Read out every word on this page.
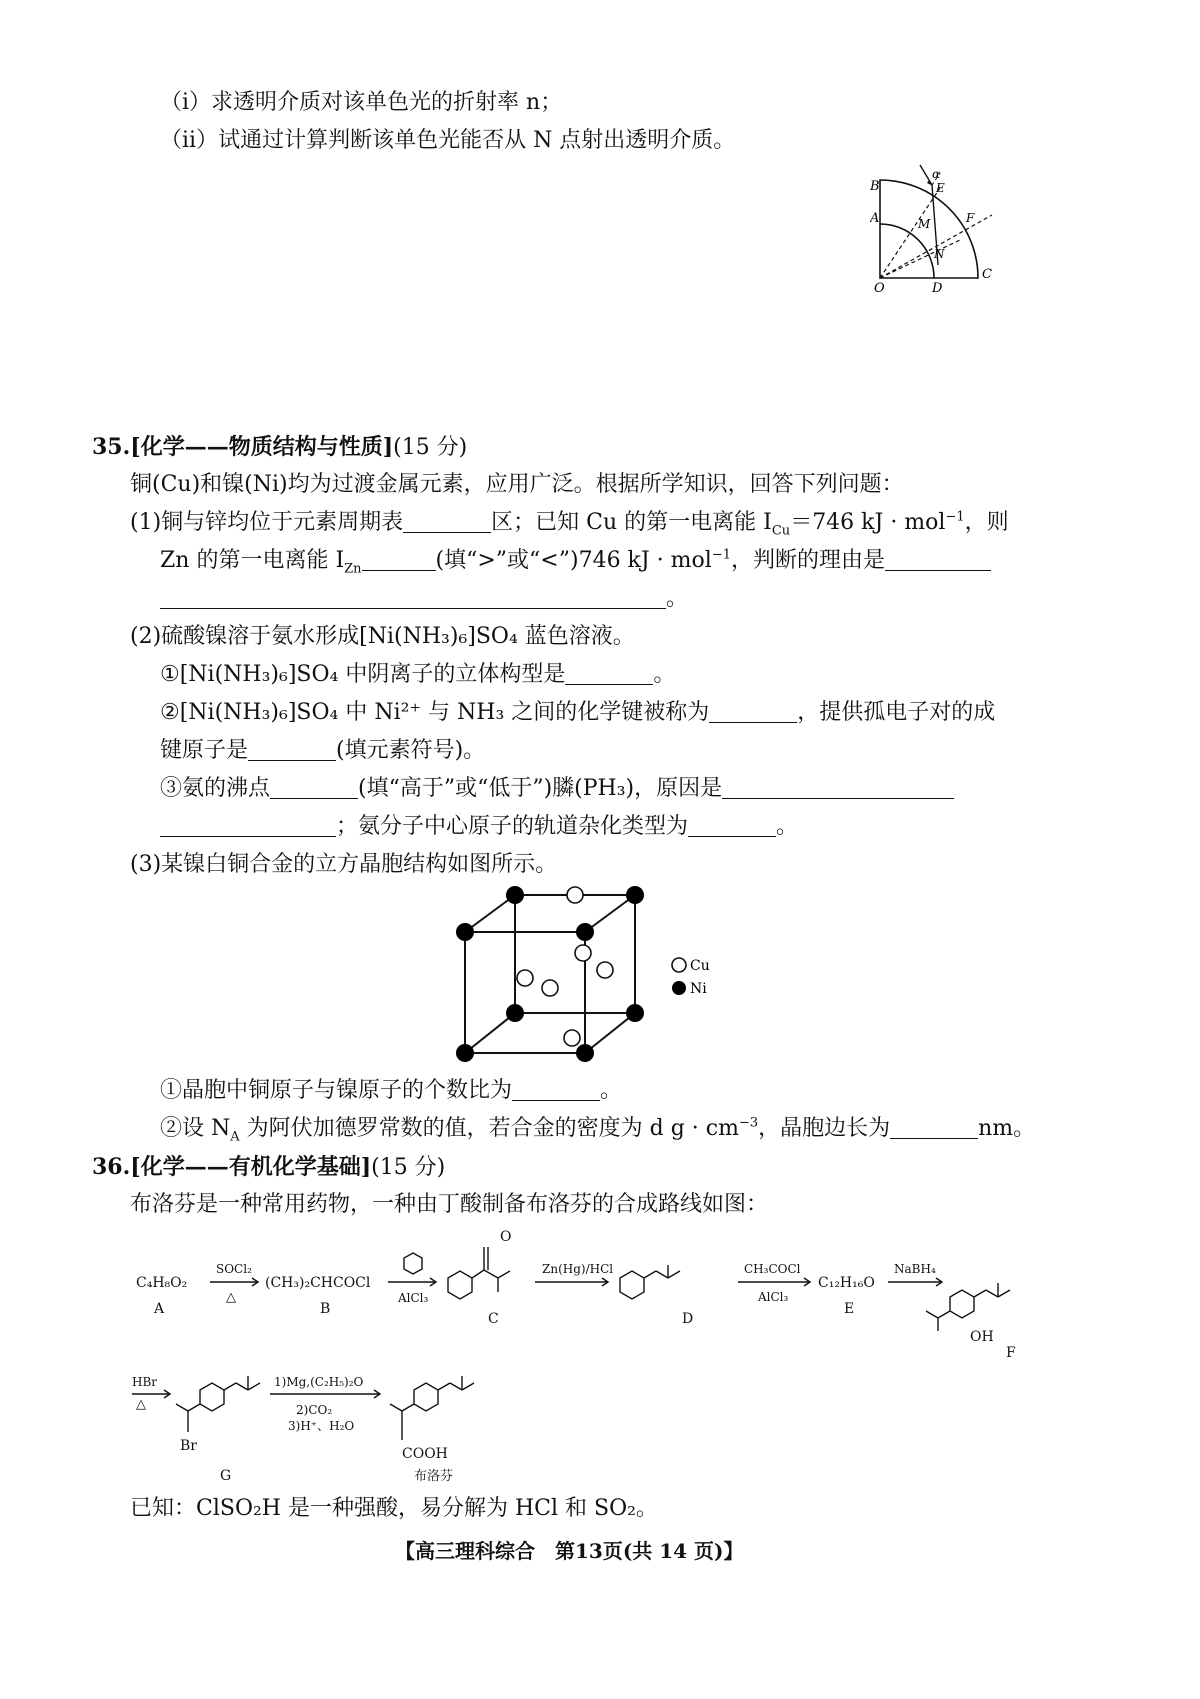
（ⅰ）求透明介质对该单色光的折射率 n；
（ⅱ）试通过计算判断该单色光能否从 N 点射出透明介质。
B
A
O	D
C
E
M
N
F
α
35.[化学——物质结构与性质](15 分)
铜(Cu)和镍(Ni)均为过渡金属元素，应用广泛。根据所学知识，回答下列问题：
(1)铜与锌均位于元素周期表	区；已知 Cu 的第一电离能 $I_{Cu}=746$ kJ · mol$^{-1}$，则
Zn 的第一电离能 $I_{Zn}$	(填“>”或“<”)746 kJ · mol$^{-1}$，判断的理由是
。
(2)硫酸镍溶于氨水形成[Ni(NH₃)₆]SO₄ 蓝色溶液。
①[Ni(NH₃)₆]SO₄ 中阴离子的立体构型是	。
②[Ni(NH₃)₆]SO₄ 中 Ni²⁺ 与 NH₃ 之间的化学键被称为	，提供孤电子对的成
键原子是	(填元素符号)。
③氨的沸点	(填“高于”或“低于”)膦(PH₃)，原因是
；氨分子中心原子的轨道杂化类型为	。
(3)某镍白铜合金的立方晶胞结构如图所示。
Cu
Ni
①晶胞中铜原子与镍原子的个数比为	。
②设 $N_A$ 为阿伏加德罗常数的值，若合金的密度为 d $g \cdot cm^{-3}$，晶胞边长为	nm。
36.[化学——有机化学基础](15 分)
布洛芬是一种常用药物，一种由丁酸制备布洛芬的合成路线如图：
C₄H₈O₂
A
SOCl₂
△
(CH₃)₂CHCOCl
B
AlCl₃
O
C
Zn(Hg)/HCl
D
CH₃COCl
AlCl₃
C₁₂H₁₆O
E
NaBH₄
OH
F
HBr
△
Br
G
1)Mg,(C₂H₅)₂O
2)CO₂
3)H⁺、H₂O
COOH
布洛芬
已知：ClSO₂H 是一种强酸，易分解为 HCl 和 SO₂。
【高三理科综合　第13页(共 14 页)】
